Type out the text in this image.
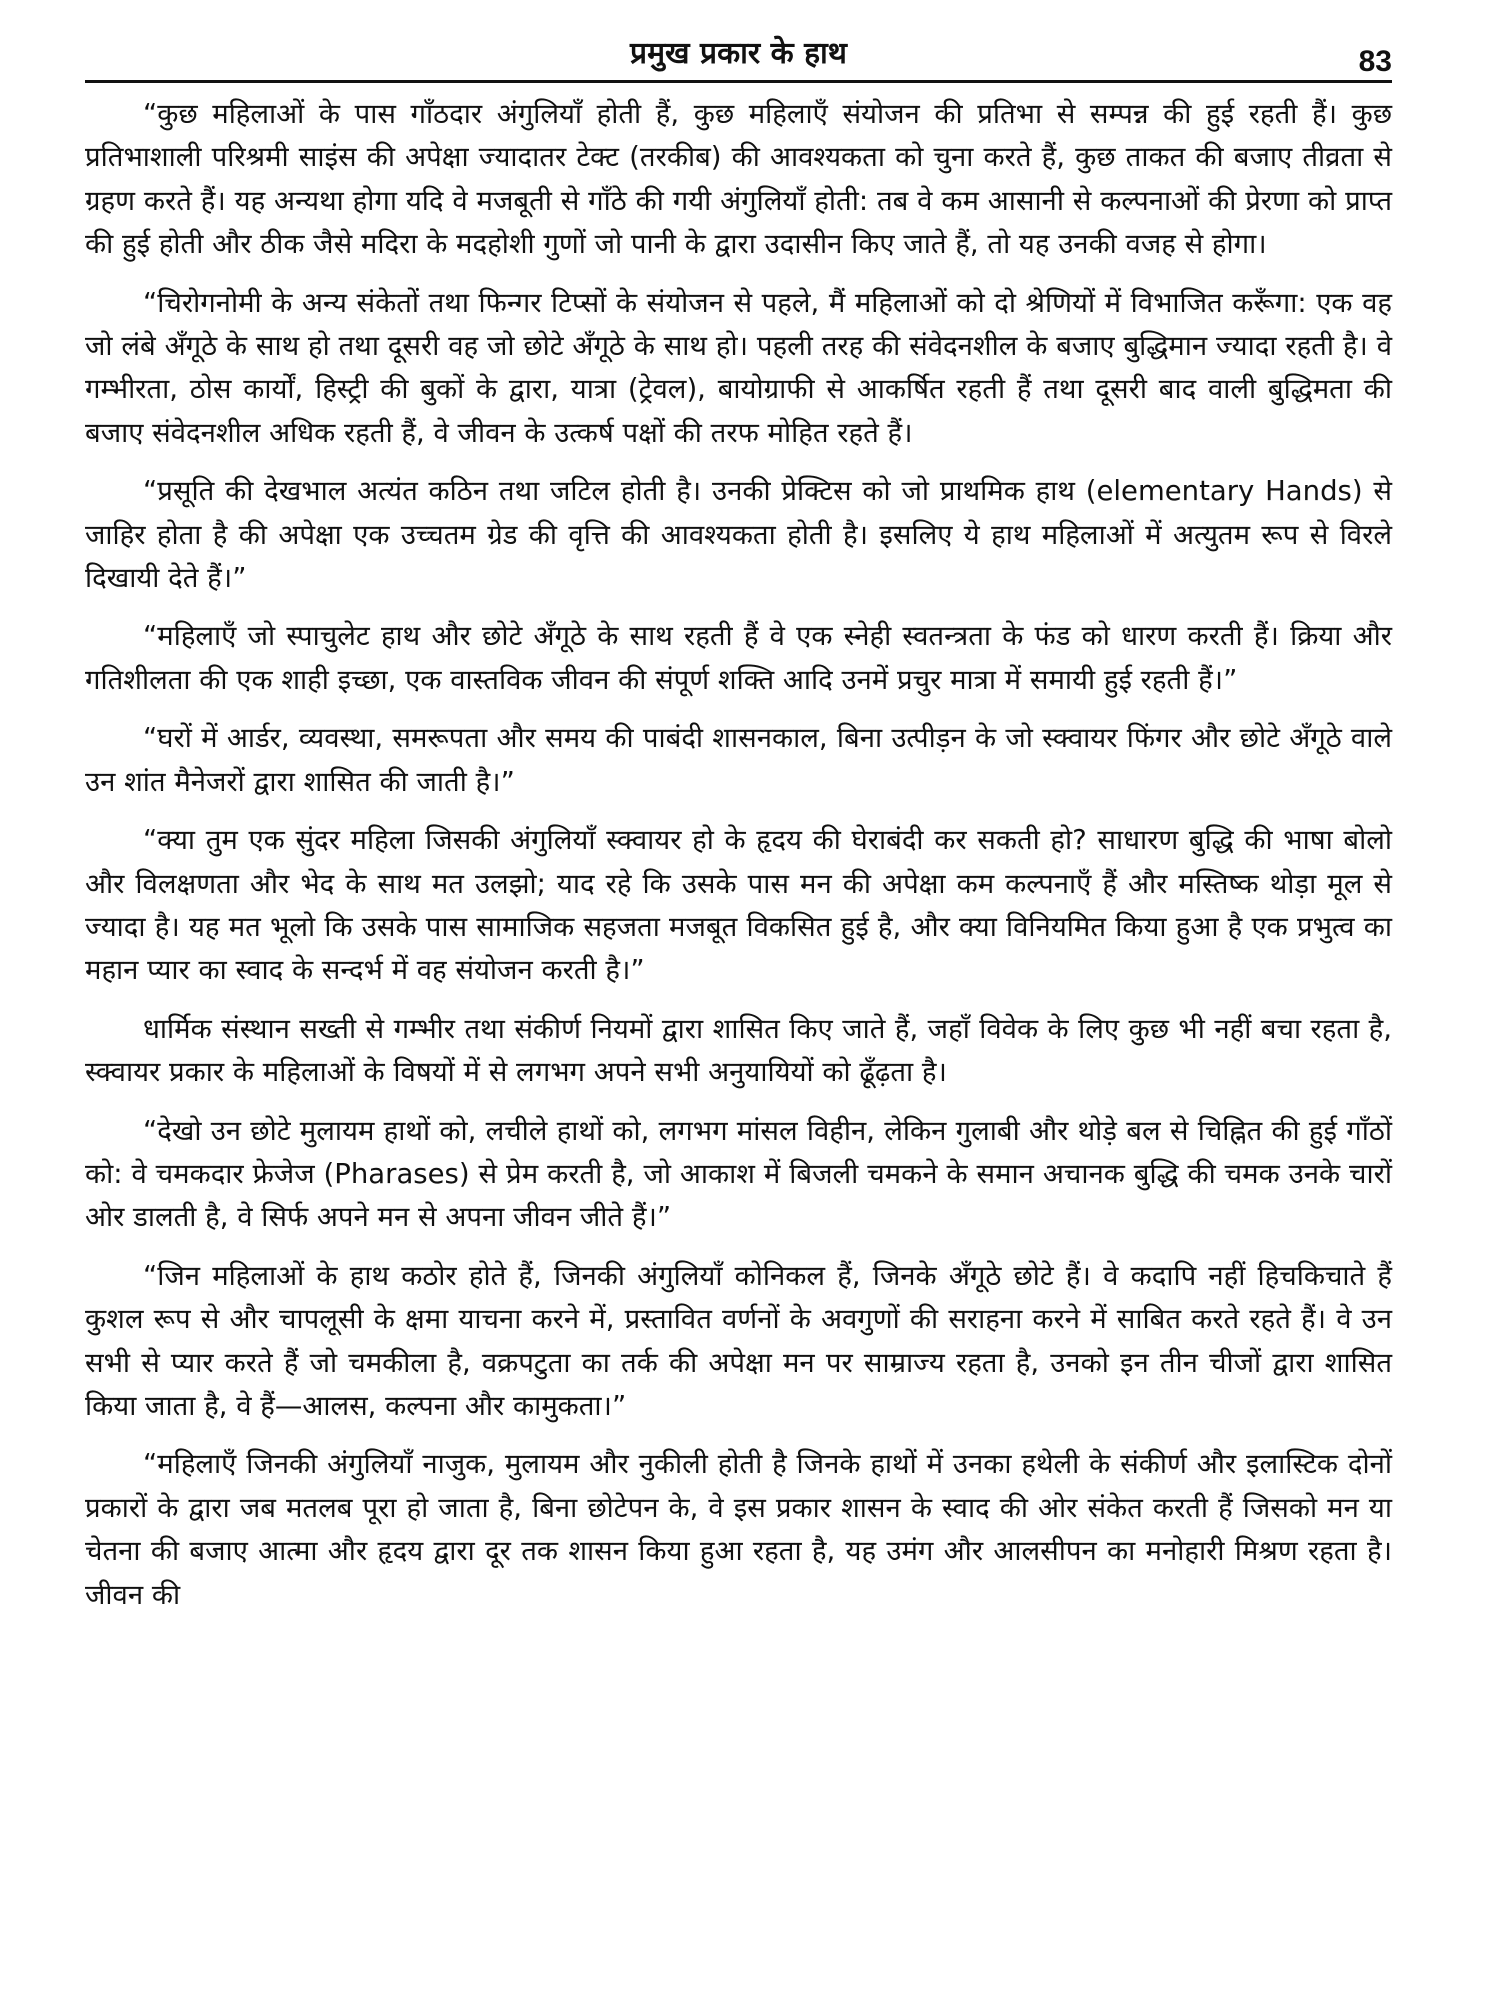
प्रमुख प्रकार के हाथ	83

“कुछ महिलाओं के पास गाँठदार अंगुलियाँ होती हैं, कुछ महिलाएँ संयोजन की प्रतिभा से सम्पन्न की हुई रहती हैं। कुछ प्रतिभाशाली परिश्रमी साइंस की अपेक्षा ज्यादातर टेक्ट (तरकीब) की आवश्यकता को चुना करते हैं, कुछ ताकत की बजाए तीव्रता से ग्रहण करते हैं। यह अन्यथा होगा यदि वे मजबूती से गाँठे की गयी अंगुलियाँ होती: तब वे कम आसानी से कल्पनाओं की प्रेरणा को प्राप्त की हुई होती और ठीक जैसे मदिरा के मदहोशी गुणों जो पानी के द्वारा उदासीन किए जाते हैं, तो यह उनकी वजह से होगा।

“चिरोगनोमी के अन्य संकेतों तथा फिन्गर टिप्सों के संयोजन से पहले, मैं महिलाओं को दो श्रेणियों में विभाजित करूँगा: एक वह जो लंबे अँगूठे के साथ हो तथा दूसरी वह जो छोटे अँगूठे के साथ हो। पहली तरह की संवेदनशील के बजाए बुद्धिमान ज्यादा रहती है। वे गम्भीरता, ठोस कार्यों, हिस्ट्री की बुकों के द्वारा, यात्रा (ट्रेवल), बायोग्राफी से आकर्षित रहती हैं तथा दूसरी बाद वाली बुद्धिमता की बजाए संवेदनशील अधिक रहती हैं, वे जीवन के उत्कर्ष पक्षों की तरफ मोहित रहते हैं।

“प्रसूति की देखभाल अत्यंत कठिन तथा जटिल होती है। उनकी प्रेक्टिस को जो प्राथमिक हाथ (elementary Hands) से जाहिर होता है की अपेक्षा एक उच्चतम ग्रेड की वृत्ति की आवश्यकता होती है। इसलिए ये हाथ महिलाओं में अत्युतम रूप से विरले दिखायी देते हैं।”

“महिलाएँ जो स्पाचुलेट हाथ और छोटे अँगूठे के साथ रहती हैं वे एक स्नेही स्वतन्त्रता के फंड को धारण करती हैं। क्रिया और गतिशीलता की एक शाही इच्छा, एक वास्तविक जीवन की संपूर्ण शक्ति आदि उनमें प्रचुर मात्रा में समायी हुई रहती हैं।”

“घरों में आर्डर, व्यवस्था, समरूपता और समय की पाबंदी शासनकाल, बिना उत्पीड़न के जो स्क्वायर फिंगर और छोटे अँगूठे वाले उन शांत मैनेजरों द्वारा शासित की जाती है।”

“क्या तुम एक सुंदर महिला जिसकी अंगुलियाँ स्क्वायर हो के हृदय की घेराबंदी कर सकती हो? साधारण बुद्धि की भाषा बोलो और विलक्षणता और भेद के साथ मत उलझो; याद रहे कि उसके पास मन की अपेक्षा कम कल्पनाएँ हैं और मस्तिष्क थोड़ा मूल से ज्यादा है। यह मत भूलो कि उसके पास सामाजिक सहजता मजबूत विकसित हुई है, और क्या विनियमित किया हुआ है एक प्रभुत्व का महान प्यार का स्वाद के सन्दर्भ में वह संयोजन करती है।”

धार्मिक संस्थान सख्ती से गम्भीर तथा संकीर्ण नियमों द्वारा शासित किए जाते हैं, जहाँ विवेक के लिए कुछ भी नहीं बचा रहता है, स्क्वायर प्रकार के महिलाओं के विषयों में से लगभग अपने सभी अनुयायियों को ढूँढ़ता है।

“देखो उन छोटे मुलायम हाथों को, लचीले हाथों को, लगभग मांसल विहीन, लेकिन गुलाबी और थोड़े बल से चिह्नित की हुई गाँठों को: वे चमकदार फ्रेजेज (Pharases) से प्रेम करती है, जो आकाश में बिजली चमकने के समान अचानक बुद्धि की चमक उनके चारों ओर डालती है, वे सिर्फ अपने मन से अपना जीवन जीते हैं।”

“जिन महिलाओं के हाथ कठोर होते हैं, जिनकी अंगुलियाँ कोनिकल हैं, जिनके अँगूठे छोटे हैं। वे कदापि नहीं हिचकिचाते हैं कुशल रूप से और चापलूसी के क्षमा याचना करने में, प्रस्तावित वर्णनों के अवगुणों की सराहना करने में साबित करते रहते हैं। वे उन सभी से प्यार करते हैं जो चमकीला है, वक्रपटुता का तर्क की अपेक्षा मन पर साम्राज्य रहता है, उनको इन तीन चीजों द्वारा शासित किया जाता है, वे हैं—आलस, कल्पना और कामुकता।”

“महिलाएँ जिनकी अंगुलियाँ नाजुक, मुलायम और नुकीली होती है जिनके हाथों में उनका हथेली के संकीर्ण और इलास्टिक दोनों प्रकारों के द्वारा जब मतलब पूरा हो जाता है, बिना छोटेपन के, वे इस प्रकार शासन के स्वाद की ओर संकेत करती हैं जिसको मन या चेतना की बजाए आत्मा और हृदय द्वारा दूर तक शासन किया हुआ रहता है, यह उमंग और आलसीपन का मनोहारी मिश्रण रहता है। जीवन की
